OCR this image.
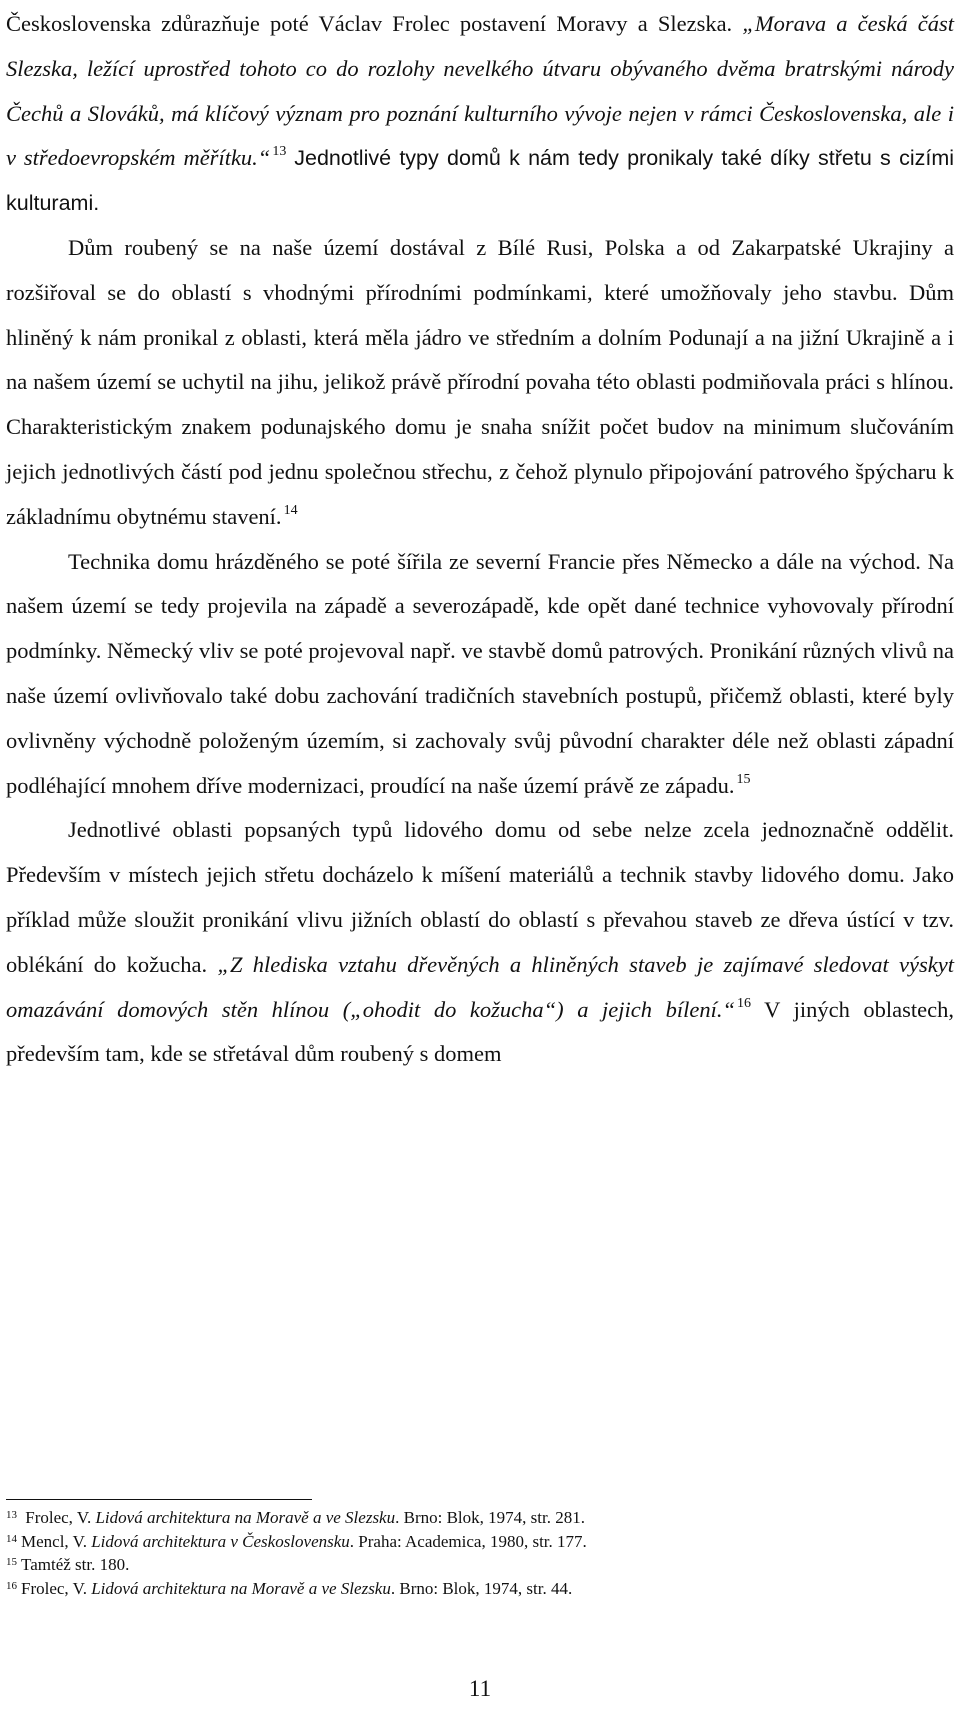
Československa zdůrazňuje poté Václav Frolec postavení Moravy a Slezska. „Morava a česká část Slezska, ležící uprostřed tohoto co do rozlohy nevelkého útvaru obývaného dvěma bratrskými národy Čechů a Slováků, má klíčový význam pro poznání kulturního vývoje nejen v rámci Československa, ale i v středoevropském měřítku.“ $^{13}$ Jednotlivé typy domů k nám tedy pronikaly také díky střetu s cizími kulturami.

Dům roubený se na naše území dostával z Bílé Rusi, Polska a od Zakarpatské Ukrajiny a rozšiřoval se do oblastí s vhodnými přírodními podmínkami, které umožňovaly jeho stavbu. Dům hliněný k nám pronikal z oblasti, která měla jádro ve středním a dolním Podunají a na jižní Ukrajině a i na našem území se uchytil na jihu, jelikož právě přírodní povaha této oblasti podmiňovala práci s hlínou. Charakteristickým znakem podunajského domu je snaha snížit počet budov na minimum slučováním jejich jednotlivých částí pod jednu společnou střechu, z čehož plynulo připojování patrového špýcharu k základnímu obytnému stavení. $^{14}$

Technika domu hrázděného se poté šířila ze severní Francie přes Německo a dále na východ. Na našem území se tedy projevila na západě a severozápadě, kde opět dané technice vyhovovaly přírodní podmínky. Německý vliv se poté projevoval např. ve stavbě domů patrových. Pronikání různých vlivů na naše území ovlivňovalo také dobu zachování tradičních stavebních postupů, přičemž oblasti, které byly ovlivněny východně položeným územím, si zachovaly svůj původní charakter déle než oblasti západní podléhající mnohem dříve modernizaci, proudící na naše území právě ze západu. $^{15}$

Jednotlivé oblasti popsaných typů lidového domu od sebe nelze zcela jednoznačně oddělit. Především v místech jejich střetu docházelo k míšení materiálů a technik stavby lidového domu. Jako příklad může sloužit pronikání vlivu jižních oblastí do oblastí s převahou staveb ze dřeva ústící v tzv. oblékání do kožucha. „Z hlediska vztahu dřevěných a hliněných staveb je zajímavé sledovat výskyt omazávání domových stěn hlínou („ohodit do kožucha“) a jejich bílení.“ $^{16}$ V jiných oblastech, především tam, kde se střetával dům roubený s domem

$^{13}$ Frolec, V. Lidová architektura na Moravě a ve Slezsku. Brno: Blok, 1974, str. 281.
$^{14}$ Mencl, V. Lidová architektura v Československu. Praha: Academica, 1980, str. 177.
$^{15}$ Tamtéž str. 180.
$^{16}$ Frolec, V. Lidová architektura na Moravě a ve Slezsku. Brno: Blok, 1974, str. 44.
11
